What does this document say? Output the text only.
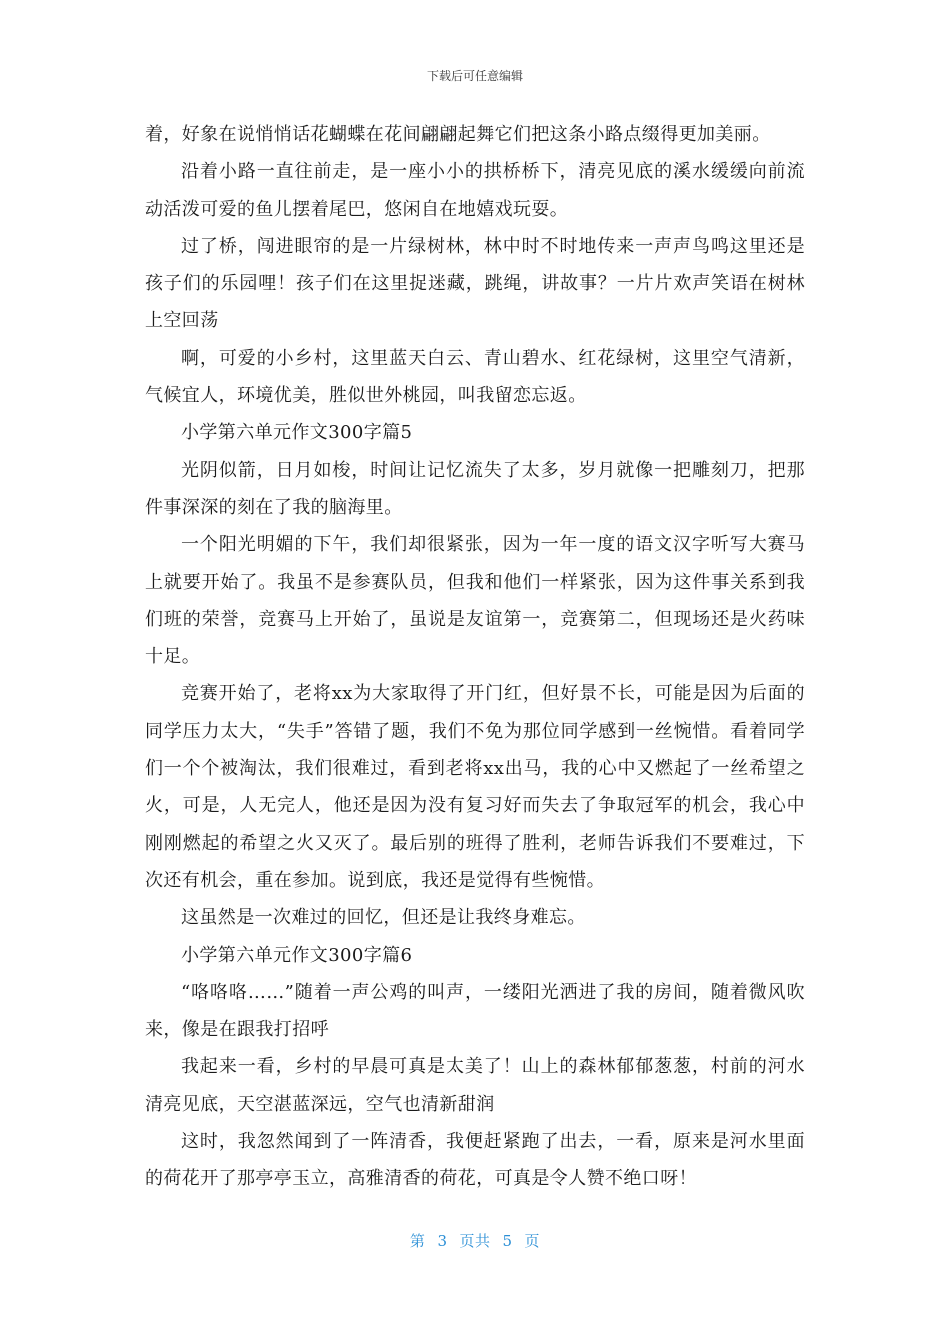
下载后可任意编辑

着，好象在说悄悄话花蝴蝶在花间翩翩起舞它们把这条小路点缀得更加美丽。

沿着小路一直往前走，是一座小小的拱桥桥下，清亮见底的溪水缓缓向前流动活泼可爱的鱼儿摆着尾巴，悠闲自在地嬉戏玩耍。

过了桥，闯进眼帘的是一片绿树林，林中时不时地传来一声声鸟鸣这里还是孩子们的乐园哩！孩子们在这里捉迷藏，跳绳，讲故事？一片片欢声笑语在树林上空回荡

啊，可爱的小乡村，这里蓝天白云、青山碧水、红花绿树，这里空气清新，气候宜人，环境优美，胜似世外桃园，叫我留恋忘返。

小学第六单元作文300字篇5

光阴似箭，日月如梭，时间让记忆流失了太多，岁月就像一把雕刻刀，把那件事深深的刻在了我的脑海里。

一个阳光明媚的下午，我们却很紧张，因为一年一度的语文汉字听写大赛马上就要开始了。我虽不是参赛队员，但我和他们一样紧张，因为这件事关系到我们班的荣誉，竞赛马上开始了，虽说是友谊第一，竞赛第二，但现场还是火药味十足。

竞赛开始了，老将xx为大家取得了开门红，但好景不长，可能是因为后面的同学压力太大，“失手”答错了题，我们不免为那位同学感到一丝惋惜。看着同学们一个个被淘汰，我们很难过，看到老将xx出马，我的心中又燃起了一丝希望之火，可是，人无完人，他还是因为没有复习好而失去了争取冠军的机会，我心中刚刚燃起的希望之火又灭了。最后别的班得了胜利，老师告诉我们不要难过，下次还有机会，重在参加。说到底，我还是觉得有些惋惜。

这虽然是一次难过的回忆，但还是让我终身难忘。

小学第六单元作文300字篇6

“咯咯咯……”随着一声公鸡的叫声，一缕阳光洒进了我的房间，随着微风吹来，像是在跟我打招呼

我起来一看，乡村的早晨可真是太美了！山上的森林郁郁葱葱，村前的河水清亮见底，天空湛蓝深远，空气也清新甜润

这时，我忽然闻到了一阵清香，我便赶紧跑了出去，一看，原来是河水里面的荷花开了那亭亭玉立，高雅清香的荷花，可真是令人赞不绝口呀！

第 3 页共 5 页
